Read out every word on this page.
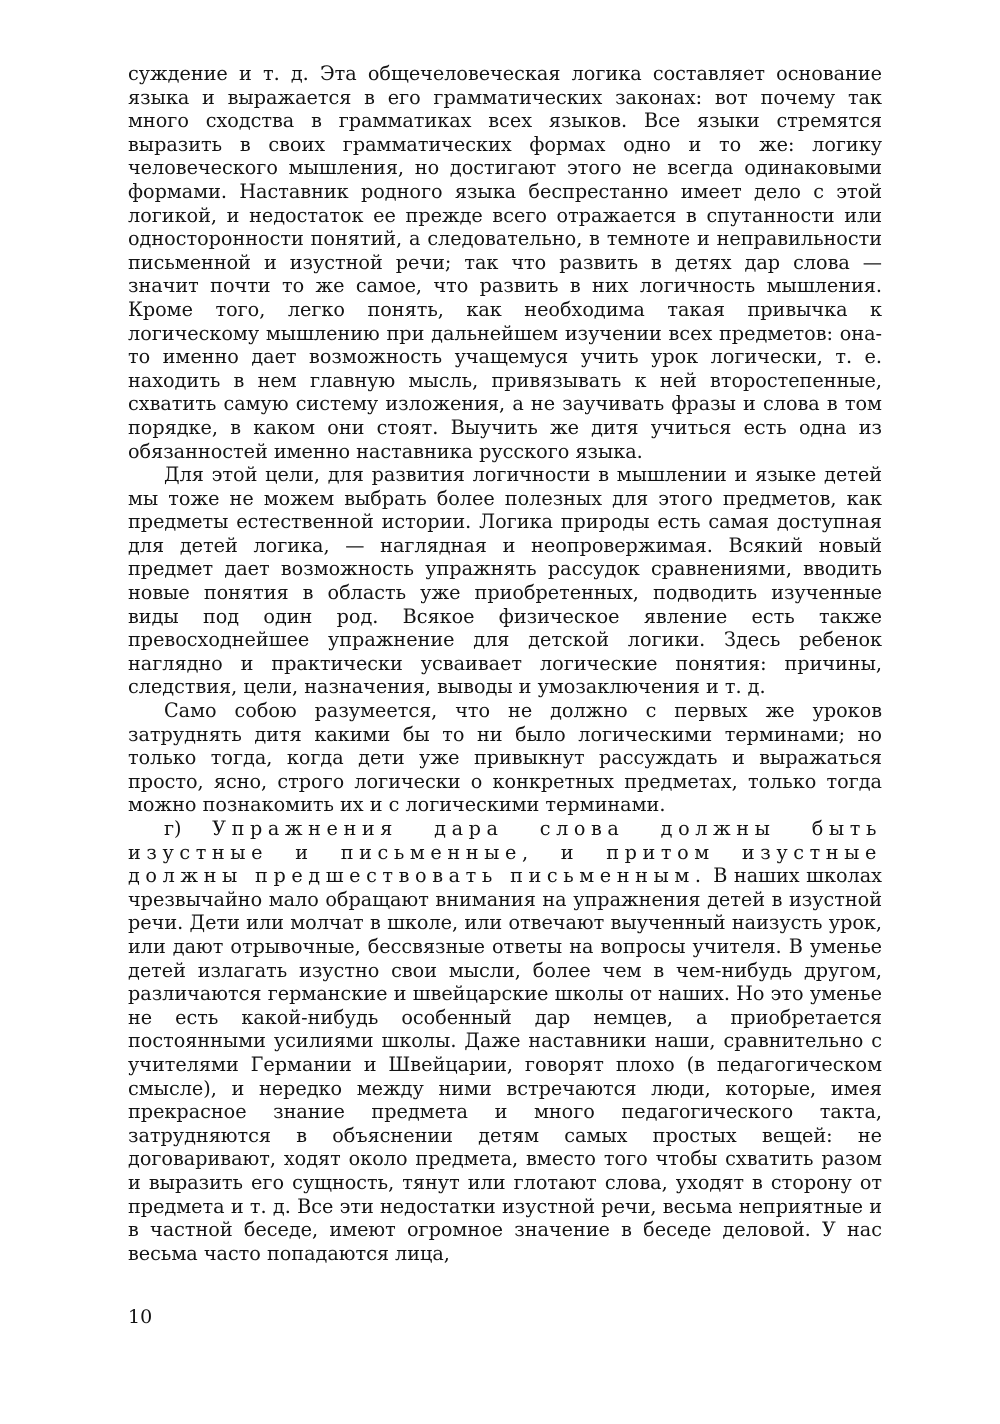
суждение и т. д. Эта общечеловеческая логика составляет основание языка и выражается в его грамматических законах: вот почему так много сходства в грамматиках всех языков. Все языки стремятся выразить в своих грамматических формах одно и то же: логику человеческого мышления, но достигают этого не всегда одинаковыми формами. Наставник родного языка беспрестанно имеет дело с этой логикой, и недостаток ее прежде всего отражается в спутанности или односторонности понятий, а следовательно, в темноте и неправильности письменной и изустной речи; так что развить в детях дар слова — значит почти то же самое, что развить в них логичность мышления. Кроме того, легко понять, как необходима такая привычка к логическому мышлению при дальнейшем изучении всех предметов: она-то именно дает возможность учащемуся учить урок логически, т. е. находить в нем главную мысль, привязывать к ней второстепенные, схватить самую систему изложения, а не заучивать фразы и слова в том порядке, в каком они стоят. Выучить же дитя учиться есть одна из обязанностей именно наставника русского языка.

Для этой цели, для развития логичности в мышлении и языке детей мы тоже не можем выбрать более полезных для этого предметов, как предметы естественной истории. Логика природы есть самая доступная для детей логика, — наглядная и неопровержимая. Всякий новый предмет дает возможность упражнять рассудок сравнениями, вводить новые понятия в область уже приобретенных, подводить изученные виды под один род. Всякое физическое явление есть также превосходнейшее упражнение для детской логики. Здесь ребенок наглядно и практически усваивает логические понятия: причины, следствия, цели, назначения, выводы и умозаключения и т. д.

Само собою разумеется, что не должно с первых же уроков затруднять дитя какими бы то ни было логическими терминами; но только тогда, когда дети уже привыкнут рассуждать и выражаться просто, ясно, строго логически о конкретных предметах, только тогда можно познакомить их и с логическими терминами.

г) Упражнения дара слова должны быть изустные и письменные, и притом изустные должны предшествовать письменным. В наших школах чрезвычайно мало обращают внимания на упражнения детей в изустной речи. Дети или молчат в школе, или отвечают выученный наизусть урок, или дают отрывочные, бессвязные ответы на вопросы учителя. В уменье детей излагать изустно свои мысли, более чем в чем-нибудь другом, различаются германские и швейцарские школы от наших. Но это уменье не есть какой-нибудь особенный дар немцев, а приобретается постоянными усилиями школы. Даже наставники наши, сравнительно с учителями Германии и Швейцарии, говорят плохо (в педагогическом смысле), и нередко между ними встречаются люди, которые, имея прекрасное знание предмета и много педагогического такта, затрудняются в объяснении детям самых простых вещей: не договаривают, ходят около предмета, вместо того чтобы схватить разом и выразить его сущность, тянут или глотают слова, уходят в сторону от предмета и т. д. Все эти недостатки изустной речи, весьма неприятные и в частной беседе, имеют огромное значение в беседе деловой. У нас весьма часто попадаются лица,

10
